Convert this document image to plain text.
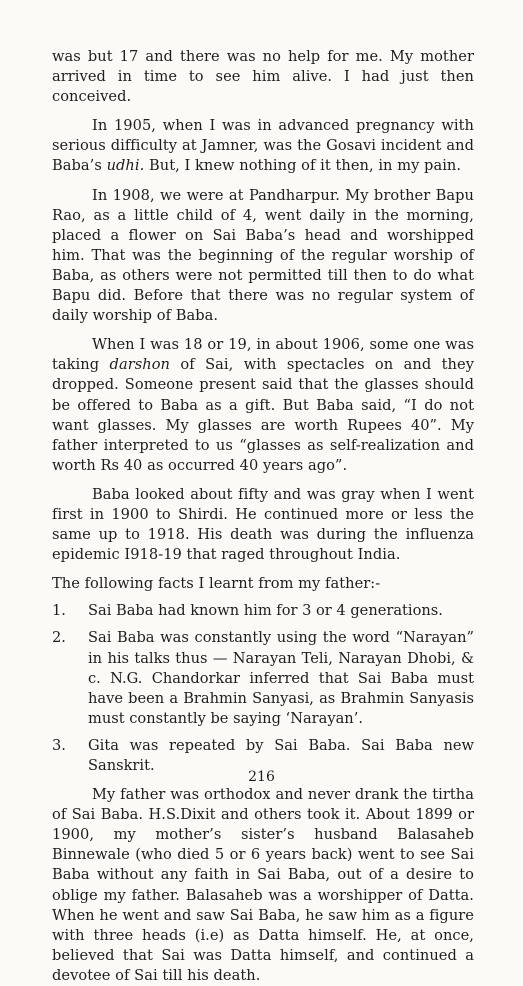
was but 17 and there was no help for me. My mother arrived in time to see him alive. I had just then conceived.

In 1905, when I was in advanced pregnancy with serious difficulty at Jamner, was the Gosavi incident and Baba’s udhi. But, I knew nothing of it then, in my pain.

In 1908, we were at Pandharpur. My brother Bapu Rao, as a little child of 4, went daily in the morning, placed a flower on Sai Baba’s head and worshipped him. That was the beginning of the regular worship of Baba, as others were not permitted till then to do what Bapu did. Before that there was no regular system of daily worship of Baba.

When I was 18 or 19, in about 1906, some one was taking darshon of Sai, with spectacles on and they dropped. Someone present said that the glasses should be offered to Baba as a gift. But Baba said, “I do not want glasses. My glasses are worth Rupees 40”. My father interpreted to us “glasses as self-realization and worth Rs 40 as occurred 40 years ago”.

Baba looked about fifty and was gray when I went first in 1900 to Shirdi. He continued more or less the same up to 1918. His death was during the influenza epidemic I918-19 that raged throughout India.

The following facts I learnt from my father:-

1.	Sai Baba had known him for 3 or 4 generations.
2.	Sai Baba was constantly using the word “Narayan” in his talks thus — Narayan Teli, Narayan Dhobi, & c. N.G. Chandorkar inferred that Sai Baba must have been a Brahmin Sanyasi, as Brahmin Sanyasis must constantly be saying ‘Narayan’.
3.	Gita was repeated by Sai Baba. Sai Baba new Sanskrit.

My father was orthodox and never drank the tirtha of Sai Baba. H.S.Dixit and others took it. About 1899 or 1900, my mother’s sister’s husband Balasaheb Binnewale (who died 5 or 6 years back) went to see Sai Baba without any faith in Sai Baba, out of a desire to oblige my father. Balasaheb was a worshipper of Datta. When he went and saw Sai Baba, he saw him as a figure with three heads (i.e) as Datta himself. He, at once, believed that Sai was Datta himself, and continued a devotee of Sai till his death.

216
